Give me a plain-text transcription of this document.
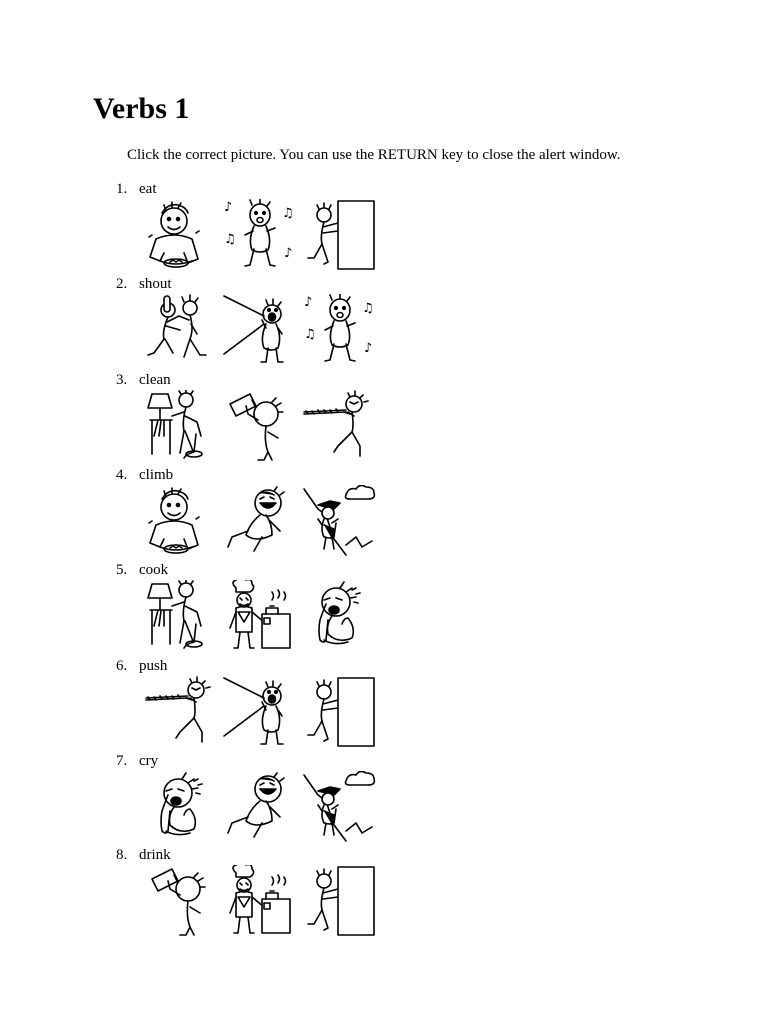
Verbs 1

Click the correct picture. You can use the RETURN key to close the alert window.

1. eat
♪	♫
♫
♪
2. shout
♪	♫
♫
♪
3. clean
4. climb
5. cook
6. push
7. cry
8. drink
